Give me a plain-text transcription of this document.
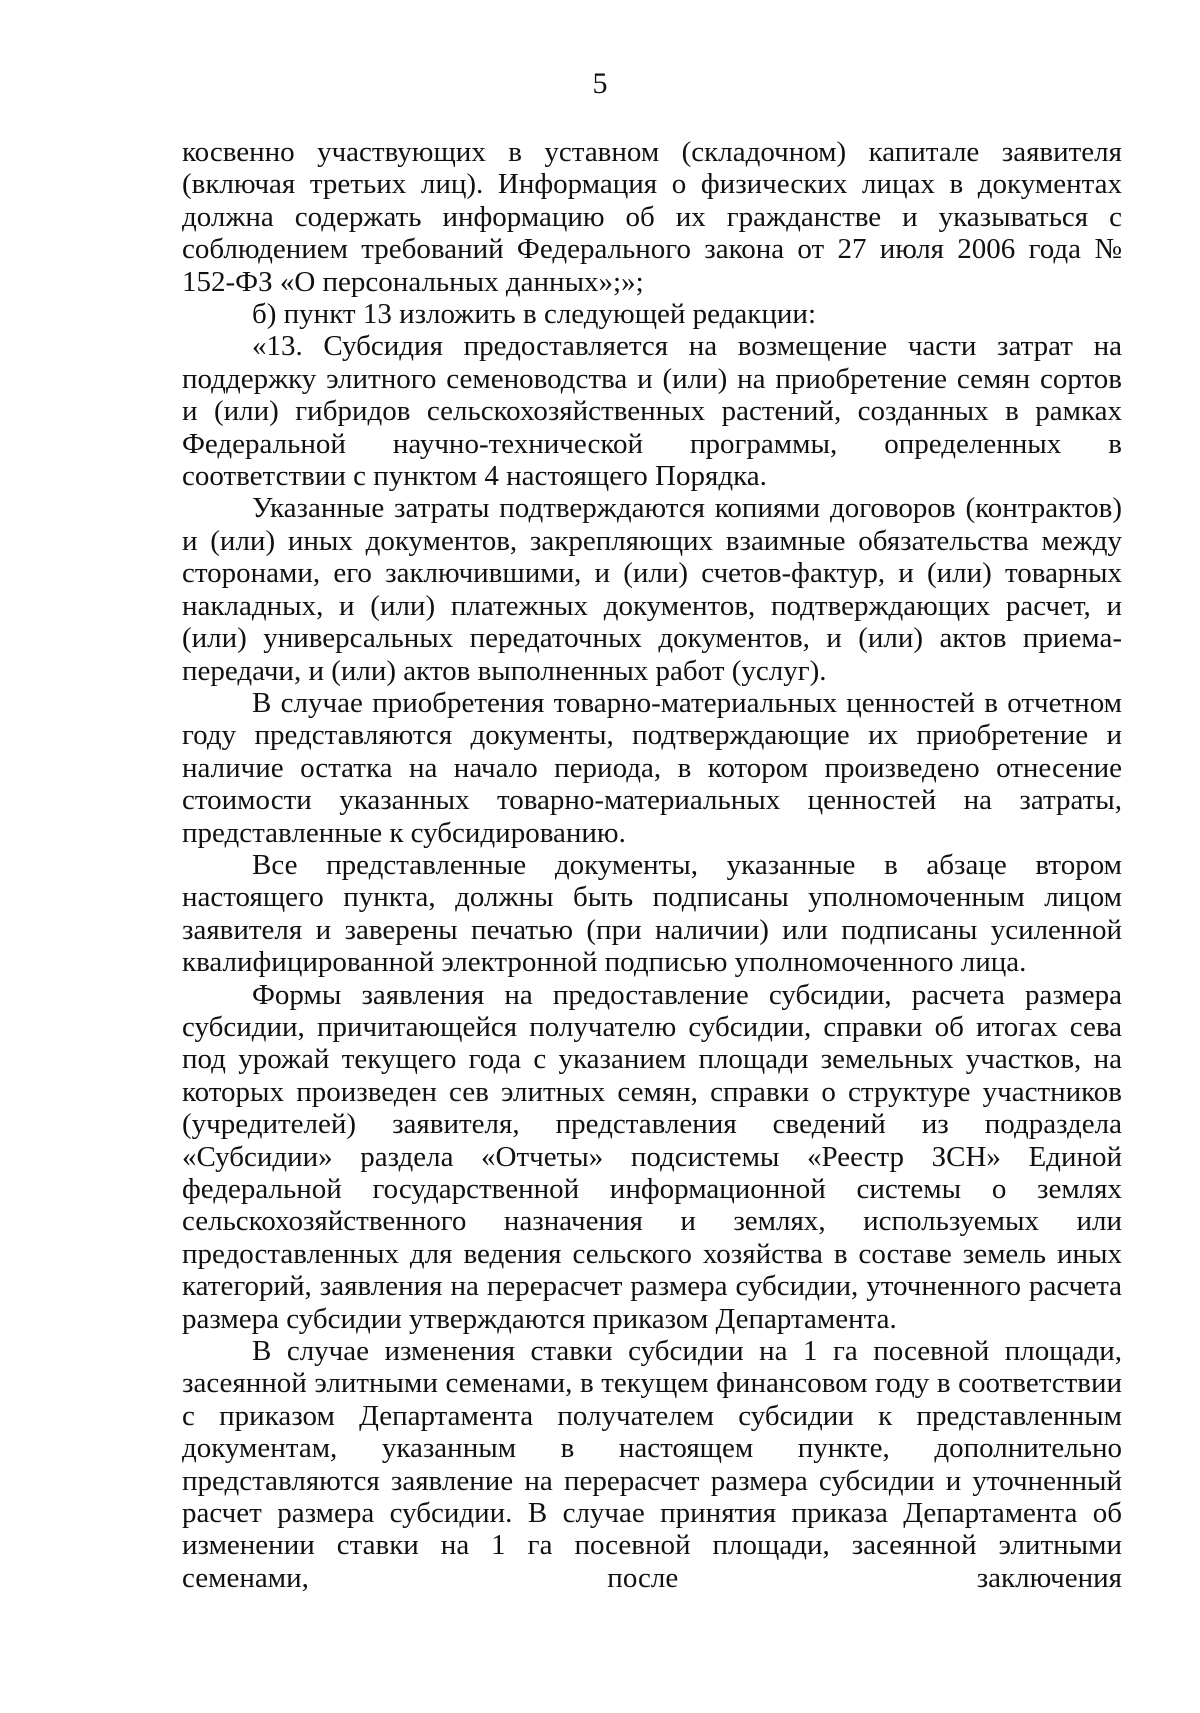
5

косвенно участвующих в уставном (складочном) капитале заявителя (включая третьих лиц). Информация о физических лицах в документах должна содержать информацию об их гражданстве и указываться с соблюдением требований Федерального закона от 27 июля 2006 года № 152-ФЗ «О персональных данных»;»;

б) пункт 13 изложить в следующей редакции:

«13. Субсидия предоставляется на возмещение части затрат на поддержку элитного семеноводства и (или) на приобретение семян сортов и (или) гибридов сельскохозяйственных растений, созданных в рамках Федеральной научно-технической программы, определенных в соответствии с пунктом 4 настоящего Порядка.

Указанные затраты подтверждаются копиями договоров (контрактов) и (или) иных документов, закрепляющих взаимные обязательства между сторонами, его заключившими, и (или) счетов-фактур, и (или) товарных накладных, и (или) платежных документов, подтверждающих расчет, и (или) универсальных передаточных документов, и (или) актов приема-передачи, и (или) актов выполненных работ (услуг).

В случае приобретения товарно-материальных ценностей в отчетном году представляются документы, подтверждающие их приобретение и наличие остатка на начало периода, в котором произведено отнесение стоимости указанных товарно-материальных ценностей на затраты, представленные к субсидированию.

Все представленные документы, указанные в абзаце втором настоящего пункта, должны быть подписаны уполномоченным лицом заявителя и заверены печатью (при наличии) или подписаны усиленной квалифицированной электронной подписью уполномоченного лица.

Формы заявления на предоставление субсидии, расчета размера субсидии, причитающейся получателю субсидии, справки об итогах сева под урожай текущего года с указанием площади земельных участков, на которых произведен сев элитных семян, справки о структуре участников (учредителей) заявителя, представления сведений из подраздела «Субсидии» раздела «Отчеты» подсистемы «Реестр ЗСН» Единой федеральной государственной информационной системы о землях сельскохозяйственного назначения и землях, используемых или предоставленных для ведения сельского хозяйства в составе земель иных категорий, заявления на перерасчет размера субсидии, уточненного расчета размера субсидии утверждаются приказом Департамента.

В случае изменения ставки субсидии на 1 га посевной площади, засеянной элитными семенами, в текущем финансовом году в соответствии с приказом Департамента получателем субсидии к представленным документам, указанным в настоящем пункте, дополнительно представляются заявление на перерасчет размера субсидии и уточненный расчет размера субсидии. В случае принятия приказа Департамента об изменении ставки на 1 га посевной площади, засеянной элитными семенами, после заключения
